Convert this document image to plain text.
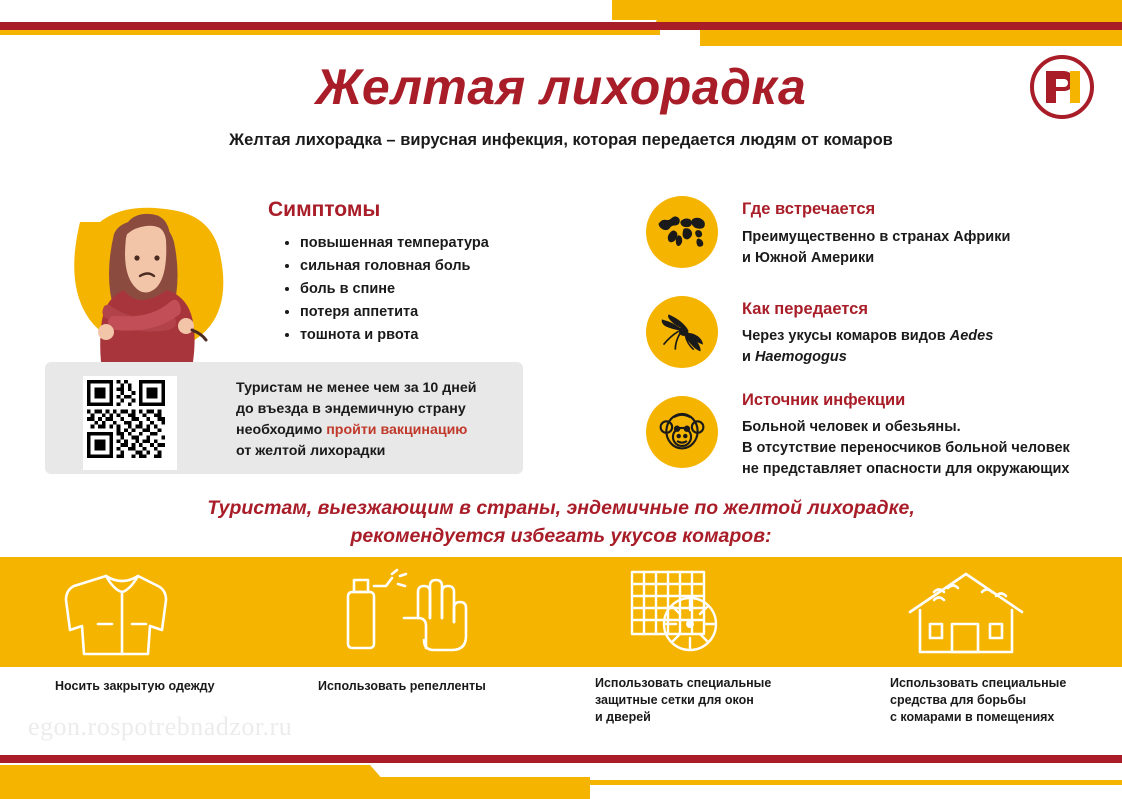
Желтая лихорадка
Желтая лихорадка – вирусная инфекция, которая передается людям от комаров
Симптомы
• повышенная температура
• сильная головная боль
• боль в спине
• потеря аппетита
• тошнота и рвота
Туристам не менее чем за 10 дней
до въезда в эндемичную страну
необходимо пройти вакцинацию
от желтой лихорадки
Где встречается
Преимущественно в странах Африки
и Южной Америки
Как передается
Через укусы комаров видов Aedes
и Haemogogus
Источник инфекции
Больной человек и обезьяны.
В отсутствие переносчиков больной человек
не представляет опасности для окружающих
Туристам, выезжающим в страны, эндемичные по желтой лихорадке,
рекомендуется избегать укусов комаров:
Носить закрытую одежду	Использовать репелленты	Использовать специальные
защитные сетки для окон
и дверей
Использовать специальные
средства для борьбы
с комарами в помещениях
egon.rospotrebnadzor.ru
